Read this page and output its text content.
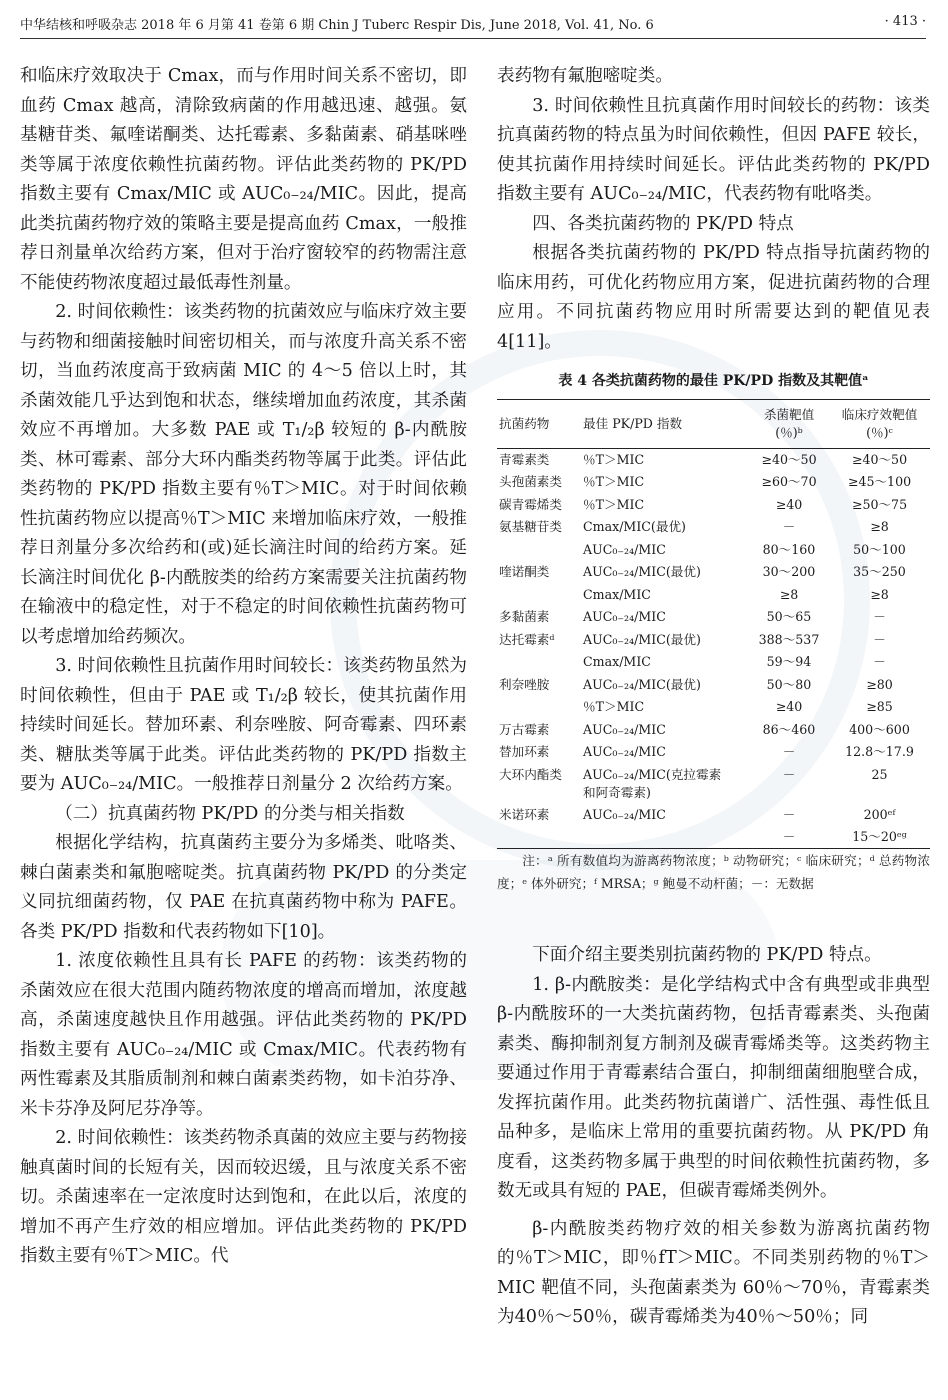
中华结核和呼吸杂志 2018 年 6 月第 41 卷第 6 期 Chin J Tuberc Respir Dis, June 2018, Vol. 41, No. 6	· 413 ·

和临床疗效取决于 Cmax，而与作用时间关系不密切，即血药 Cmax 越高，清除致病菌的作用越迅速、越强。氨基糖苷类、氟喹诺酮类、达托霉素、多黏菌素、硝基咪唑类等属于浓度依赖性抗菌药物。评估此类药物的 PK/PD 指数主要有 Cmax/MIC 或 AUC₀₋₂₄/MIC。因此，提高此类抗菌药物疗效的策略主要是提高血药 Cmax，一般推荐日剂量单次给药方案，但对于治疗窗较窄的药物需注意不能使药物浓度超过最低毒性剂量。

2. 时间依赖性：该类药物的抗菌效应与临床疗效主要与药物和细菌接触时间密切相关，而与浓度升高关系不密切，当血药浓度高于致病菌 MIC 的 4～5 倍以上时，其杀菌效能几乎达到饱和状态，继续增加血药浓度，其杀菌效应不再增加。大多数 PAE 或 T₁/₂β 较短的 β-内酰胺类、林可霉素、部分大环内酯类药物等属于此类。评估此类药物的 PK/PD 指数主要有％T＞MIC。对于时间依赖性抗菌药物应以提高％T＞MIC 来增加临床疗效，一般推荐日剂量分多次给药和(或)延长滴注时间的给药方案。延长滴注时间优化 β-内酰胺类的给药方案需要关注抗菌药物在输液中的稳定性，对于不稳定的时间依赖性抗菌药物可以考虑增加给药频次。

3. 时间依赖性且抗菌作用时间较长：该类药物虽然为时间依赖性，但由于 PAE 或 T₁/₂β 较长，使其抗菌作用持续时间延长。替加环素、利奈唑胺、阿奇霉素、四环素类、糖肽类等属于此类。评估此类药物的 PK/PD 指数主要为 AUC₀₋₂₄/MIC。一般推荐日剂量分 2 次给药方案。

（二）抗真菌药物 PK/PD 的分类与相关指数

根据化学结构，抗真菌药主要分为多烯类、吡咯类、棘白菌素类和氟胞嘧啶类。抗真菌药物 PK/PD 的分类定义同抗细菌药物，仅 PAE 在抗真菌药物中称为 PAFE。各类 PK/PD 指数和代表药物如下[10]。

1. 浓度依赖性且具有长 PAFE 的药物：该类药物的杀菌效应在很大范围内随药物浓度的增高而增加，浓度越高，杀菌速度越快且作用越强。评估此类药物的 PK/PD 指数主要有 AUC₀₋₂₄/MIC 或 Cmax/MIC。代表药物有两性霉素及其脂质制剂和棘白菌素类药物，如卡泊芬净、米卡芬净及阿尼芬净等。

2. 时间依赖性：该类药物杀真菌的效应主要与药物接触真菌时间的长短有关，因而较迟缓，且与浓度关系不密切。杀菌速率在一定浓度时达到饱和，在此以后，浓度的增加不再产生疗效的相应增加。评估此类药物的 PK/PD 指数主要有％T＞MIC。代

表药物有氟胞嘧啶类。

3. 时间依赖性且抗真菌作用时间较长的药物：该类抗真菌药物的特点虽为时间依赖性，但因 PAFE 较长，使其抗菌作用持续时间延长。评估此类药物的 PK/PD 指数主要有 AUC₀₋₂₄/MIC，代表药物有吡咯类。

四、各类抗菌药物的 PK/PD 特点

根据各类抗菌药物的 PK/PD 特点指导抗菌药物的临床用药，可优化药物应用方案，促进抗菌药物的合理应用。不同抗菌药物应用时所需要达到的靶值见表 4[11]。

表 4 各类抗菌药物的最佳 PK/PD 指数及其靶值ᵃ
抗菌药物	最佳 PK/PD 指数	杀菌靶值 (％)ᵇ	临床疗效靶值 (％)ᶜ
青霉素类	％T＞MIC	≥40～50	≥40～50
头孢菌素类	％T＞MIC	≥60～70	≥45～100
碳青霉烯类	％T＞MIC	≥40	≥50～75
氨基糖苷类	Cmax/MIC(最优)	－	≥8
	AUC₀₋₂₄/MIC	80～160	50～100
喹诺酮类	AUC₀₋₂₄/MIC(最优)	30～200	35～250
	Cmax/MIC	≥8	≥8
多黏菌素	AUC₀₋₂₄/MIC	50～65	－
达托霉素ᵈ	AUC₀₋₂₄/MIC(最优)	388～537	－
	Cmax/MIC	59～94	－
利奈唑胺	AUC₀₋₂₄/MIC(最优)	50～80	≥80
	％T＞MIC	≥40	≥85
万古霉素	AUC₀₋₂₄/MIC	86～460	400～600
替加环素	AUC₀₋₂₄/MIC	－	12.8～17.9
大环内酯类	AUC₀₋₂₄/MIC(克拉霉素
和阿奇霉素)	－	25
米诺环素	AUC₀₋₂₄/MIC	－	200ᵉᶠ
		－	15～20ᵉᵍ

注：ᵃ 所有数值均为游离药物浓度；ᵇ 动物研究；ᶜ 临床研究；ᵈ 总药物浓度；ᵉ 体外研究；ᶠ MRSA；ᵍ 鲍曼不动杆菌；－：无数据

下面介绍主要类别抗菌药物的 PK/PD 特点。

1. β-内酰胺类：是化学结构式中含有典型或非典型 β-内酰胺环的一大类抗菌药物，包括青霉素类、头孢菌素类、酶抑制剂复方制剂及碳青霉烯类等。这类药物主要通过作用于青霉素结合蛋白，抑制细菌细胞壁合成，发挥抗菌作用。此类药物抗菌谱广、活性强、毒性低且品种多，是临床上常用的重要抗菌药物。从 PK/PD 角度看，这类药物多属于典型的时间依赖性抗菌药物，多数无或具有短的 PAE，但碳青霉烯类例外。

β-内酰胺类药物疗效的相关参数为游离抗菌药物的％T＞MIC，即％fT＞MIC。不同类别药物的％T＞MIC 靶值不同，头孢菌素类为 60％～70％，青霉素类为40％～50％，碳青霉烯类为40％～50％；同
